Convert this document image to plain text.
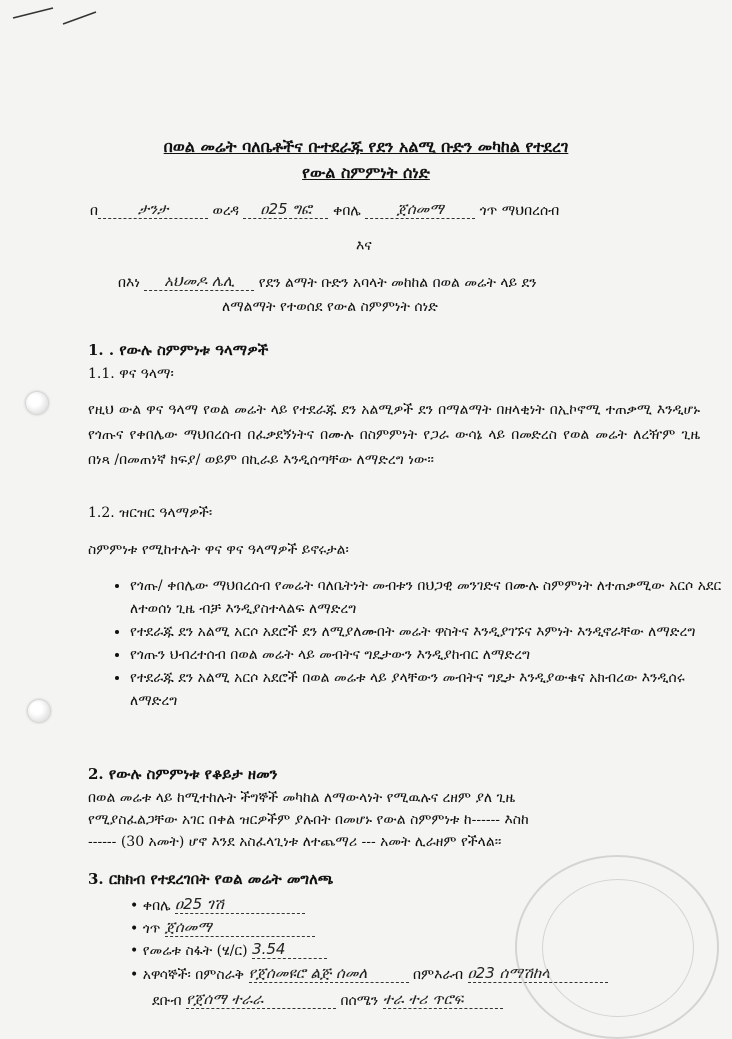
በወል መሬት ባለቤቶችና ቡተደራጁ የደን አልሚ ቡድን መካከል የተደረገ
የውል ስምምነት ሰነድ
በ	ታንታ	ወረዳ ዐ25 ግፎ ቀበሌ ጀሰመማ	ጎጥ ማህበረሰብ
እና
በእነ አህመዶ ሌሊ የደን ልማት ቡድን አባላት መከከል በወል መሬት ላይ ደን
ለማልማት የተወሰደ የውል ስምምነት ሰነድ
1. . የውሉ ስምምነቱ ዓላማዎች
1.1. ዋና ዓላማ፡
የዚህ ውል ዋና ዓላማ የወል መሬት ላይ የተደራጁ ደን አልሚዎች ደን በማልማት በዘላቂነት በኢኮኖሚ ተጠቃሚ እንዲሆኑ የጎጡና የቀበሌው ማህበረሰብ በፈቃደኝነትና በሙሉ በስምምነት የጋራ ውሳኔ ላይ በመድረስ የወል መሬት ለረዥም ጊዜ በነጻ /በመጠነኛ ክፍያ/ ወይም በኪራይ እንዲሰጣቸው ለማድረግ ነው፡፡
1.2. ዝርዝር ዓላማዎች፡
ስምምነቱ የሚከተሉት ዋና ዋና ዓላማዎች ይኖሩታል፡
• የጎጡ/ ቀበሌው ማህበረሰብ የመሬት ባለቤትነት መብቱን በህጋዊ መንገድና በሙሉ ስምምነት ለተጠቃሚው አርሶ አደር ለተወሰነ ጊዜ ብቻ እንዲያስተላልፍ ለማድረግ
• የተደራጁ ደን አልሚ አርሶ አደሮች ደን ለሚያለሙበት መሬት ዋስትና እንዲያገኙና እምነት እንዲኖራቸው ለማድረግ
• የጎጡን ህብረተሰብ በወል መሬት ላይ መብትና ግዴታውን እንዲያከብር ለማድረግ
• የተደራጁ ደን አልሚ አርሶ አደሮች በወል መሬቱ ላይ ያላቸውን መብትና ግዴታ እንዲያውቁና አክብረው እንዲሰሩ ለማድረግ
2. የውሉ ስምምነቱ የቆይታ ዘመን
በወል መሬቱ ላይ ከሚተከሉት ችግኞች መካከል ለማውላነት የሚዉሉና ረዘም ያለ ጊዜ
የሚያስፈልጋቸው አገር በቀል ዝርዎችም ያሉበት በመሆኑ የውል ስምምነቱ ከ------ እስከ
------ (30 አመት) ሆኖ እንደ አስፈላጊነቱ ለተጨማሪ --- አመት ሊራዘም የችላል፡፡
3. ርክክብ የተደረገበት የወል መሬት መግለጫ
• ቀበሌ ዐ25 ገሽ
• ጎጥ ጀሰመማ
• የመሬቱ ስፋት (ሄ/ር) 3.54
• አዋሳኞች፡ በምስራቅ የጀሰመዩሮ ልጅ ሰመለ	በምእራብ ዐ23 ሰማሽከላ
ደቡብ የጀሰማ ተራራ	በሰሜን ተራ ተሪ ጥሮፍ
